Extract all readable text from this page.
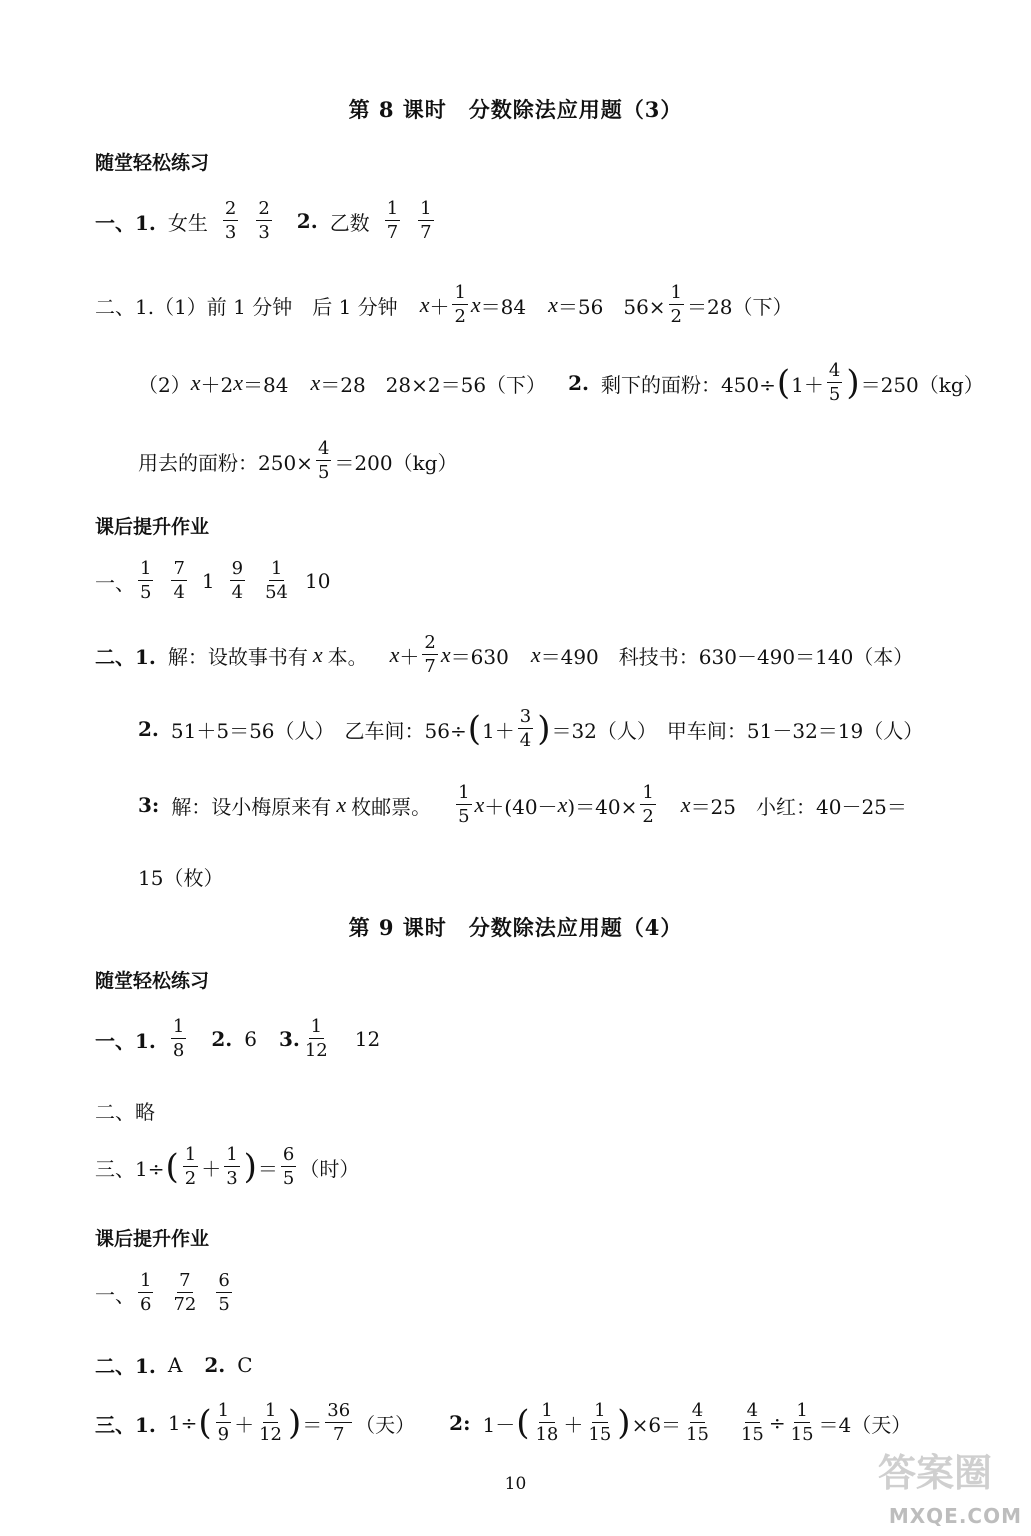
第 8 课时　分数除法应用题（3）
随堂轻松练习
一、1. 女生 $\frac{2}{3} \frac{2}{3} 2$. 乙数 $\frac{1}{7} \frac{1}{7}$
二、1.（1）前 1 分钟　后 1 分钟 $x + \frac{1}{2}$ x ＝84 x ＝56　$56\times \frac{1}{2} =28$（下）
（2） x ＋2 x ＝84 x ＝28　28×2＝56（下） 2. 剩下的面粉：450÷ ( $1+ \frac{4}{5}$ ) ＝250（kg）
用去的面粉：$250\times \frac{4}{5} =200(kg)$
课后提升作业
一、 $\frac{1}{5} \frac{7}{4} 1 \frac{9}{4} \frac{1}{54} 10$
二、1. 解：设故事书有 x 本。 $x + \frac{2}{7}$ x ＝630 x ＝490　科技书：630－490＝140（本）
2. 51＋5＝56（人）　乙车间：56÷ ( $1+ \frac{3}{4}$ ) ＝32（人）　甲车间：51－32＝19（人）
3: 解：设小梅原来有 x 枚邮票。 $\frac{1}{5}$ x ＋(40－ x )$=40\times \frac{1}{2}$ x ＝25　小红：40－25＝
15（枚）
第 9 课时　分数除法应用题（4）
随堂轻松练习
一、1. $\frac{1}{8} 2$. 6 3. $\frac{1}{12} 12$
二、略
三、1÷ ( $\frac{1}{2} + \frac{1}{3}$ ) ＝ $\frac{6}{5}$ （时）
课后提升作业
一、 $\frac{1}{6} \frac{7}{72} \frac{6}{5}$
二、1. A 2. C
三、1. 1÷ ( $\frac{1}{9} + \frac{1}{12}$ ) ＝ $\frac{36}{7}$ （天） 2: 1－ ( $\frac{1}{18} + \frac{1}{15}$ ) $\times 6= \frac{4}{15} \frac{4}{15} \div \frac{1}{15} =4$（天）
10	答案圈
MXQE.COM
